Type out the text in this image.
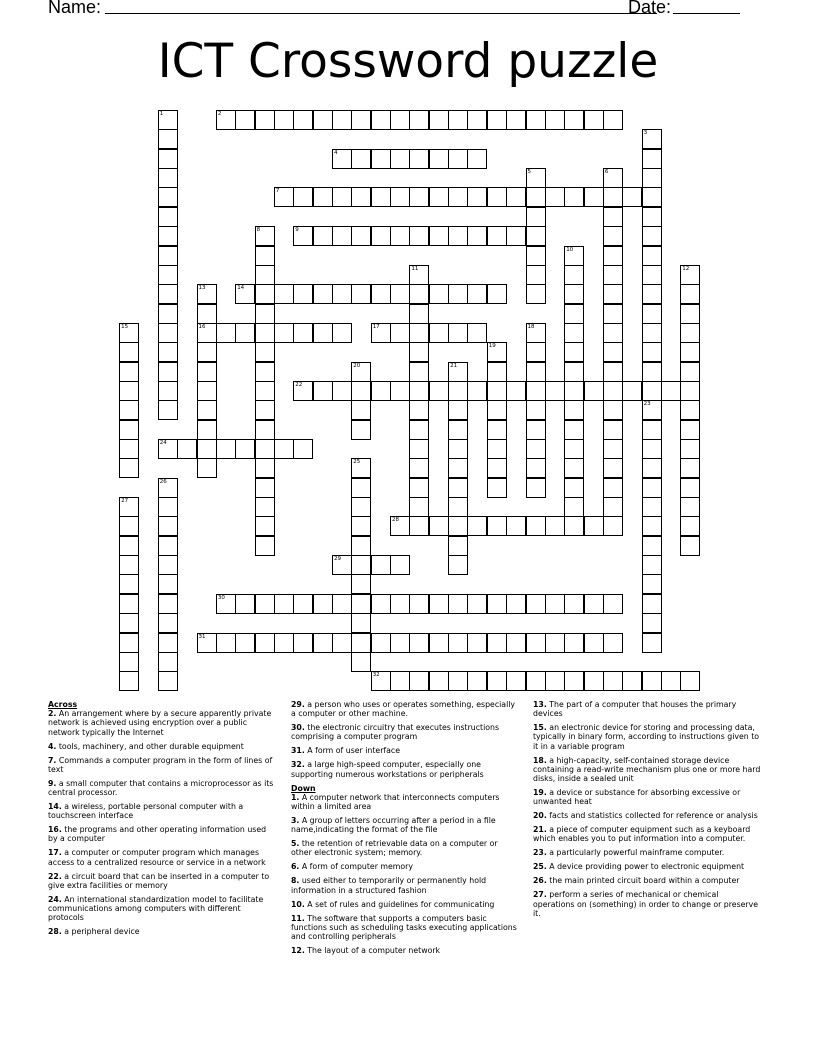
Name:	Date:
ICT Crossword puzzle
1	2
3
4
5	6
7
8	9
10
11	12
13
16
14
15	17	18
19
20	21
22
23
24
25
26
27
28
29
30
31
32
Across
2. An arrangement where by a secure apparently private network is achieved using encryption over a public network typically the Internet
4. tools, machinery, and other durable equipment
7. Commands a computer program in the form of lines of text
9. a small computer that contains a microprocessor as its central processor.
14. a wireless, portable personal computer with a touchscreen interface
16. the programs and other operating information used by a computer
17. a computer or computer program which manages access to a centralized resource or service in a network
22. a circuit board that can be inserted in a computer to give extra facilities or memory
24. An international standardization model to facilitate communications among computers with different protocols
28. a peripheral device
29. a person who uses or operates something, especially a computer or other machine.
30. the electronic circuitry that executes instructions comprising a computer program
31. A form of user interface
32. a large high-speed computer, especially one supporting numerous workstations or peripherals
Down
1. A computer network that interconnects computers within a limited area
3. A group of letters occurring after a period in a file name,indicating the format of the file
5. the retention of retrievable data on a computer or other electronic system; memory.
6. A form of computer memory
8. used either to temporarily or permanently hold information in a structured fashion
10. A set of rules and guidelines for communicating
11. The software that supports a computers basic functions such as scheduling tasks executing applications and controlling peripherals
12. The layout of a computer network
13. The part of a computer that houses the primary devices
15. an electronic device for storing and processing data, typically in binary form, according to instructions given to it in a variable program
18. a high-capacity, self-contained storage device containing a read-write mechanism plus one or more hard disks, inside a sealed unit
19. a device or substance for absorbing excessive or unwanted heat
20. facts and statistics collected for reference or analysis
21. a piece of computer equipment such as a keyboard which enables you to put information into a computer.
23. a particularly powerful mainframe computer.
25. A device providing power to electronic equipment
26. the main printed circuit board within a computer
27. perform a series of mechanical or chemical operations on (something) in order to change or preserve it.
